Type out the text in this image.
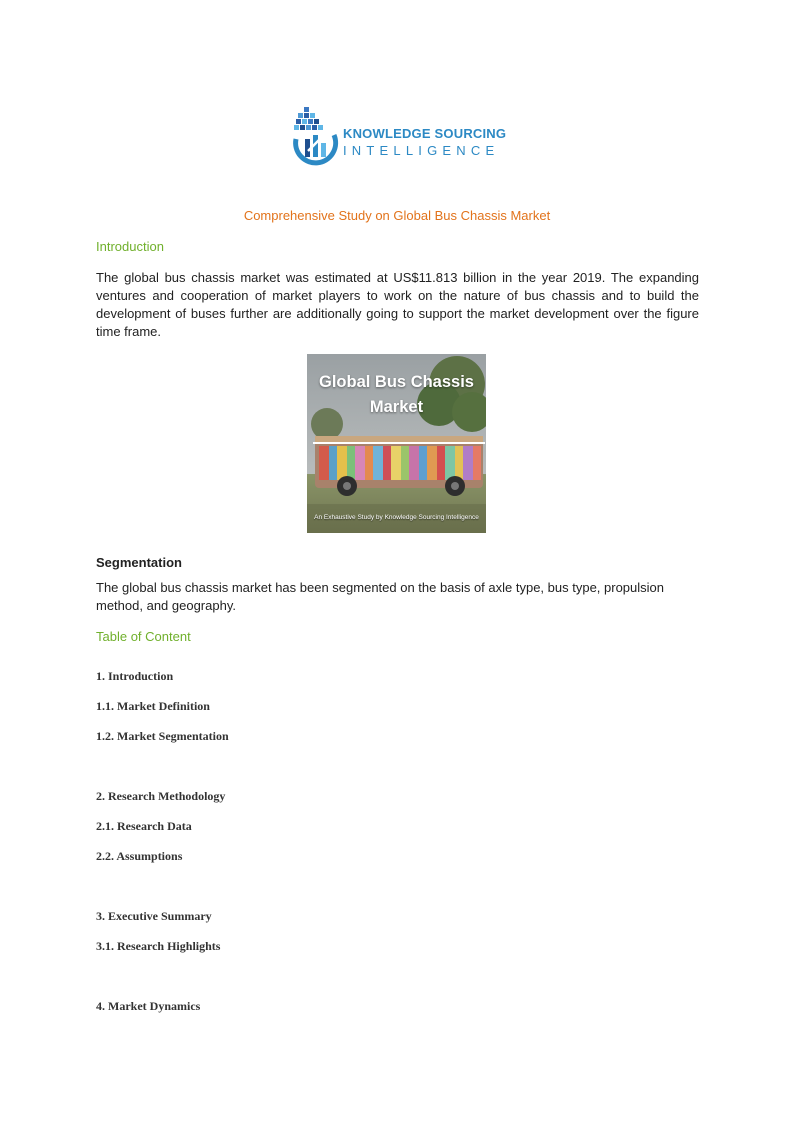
KNOWLEDGE SOURCING
INTELLIGENCE
Comprehensive Study on Global Bus Chassis Market
Introduction

The global bus chassis market was estimated at US$11.813 billion in the year 2019. The expanding ventures and cooperation of market players to work on the nature of bus chassis and to build the development of buses further are additionally going to support the market development over the figure time frame.

Global Bus Chassis
Market
An Exhaustive Study by Knowledge Sourcing Intelligence
Segmentation

The global bus chassis market has been segmented on the basis of axle type, bus type, propulsion method, and geography.

Table of Content
1. Introduction
1.1. Market Definition
1.2. Market Segmentation
2. Research Methodology
2.1. Research Data
2.2. Assumptions
3. Executive Summary
3.1. Research Highlights
4. Market Dynamics
